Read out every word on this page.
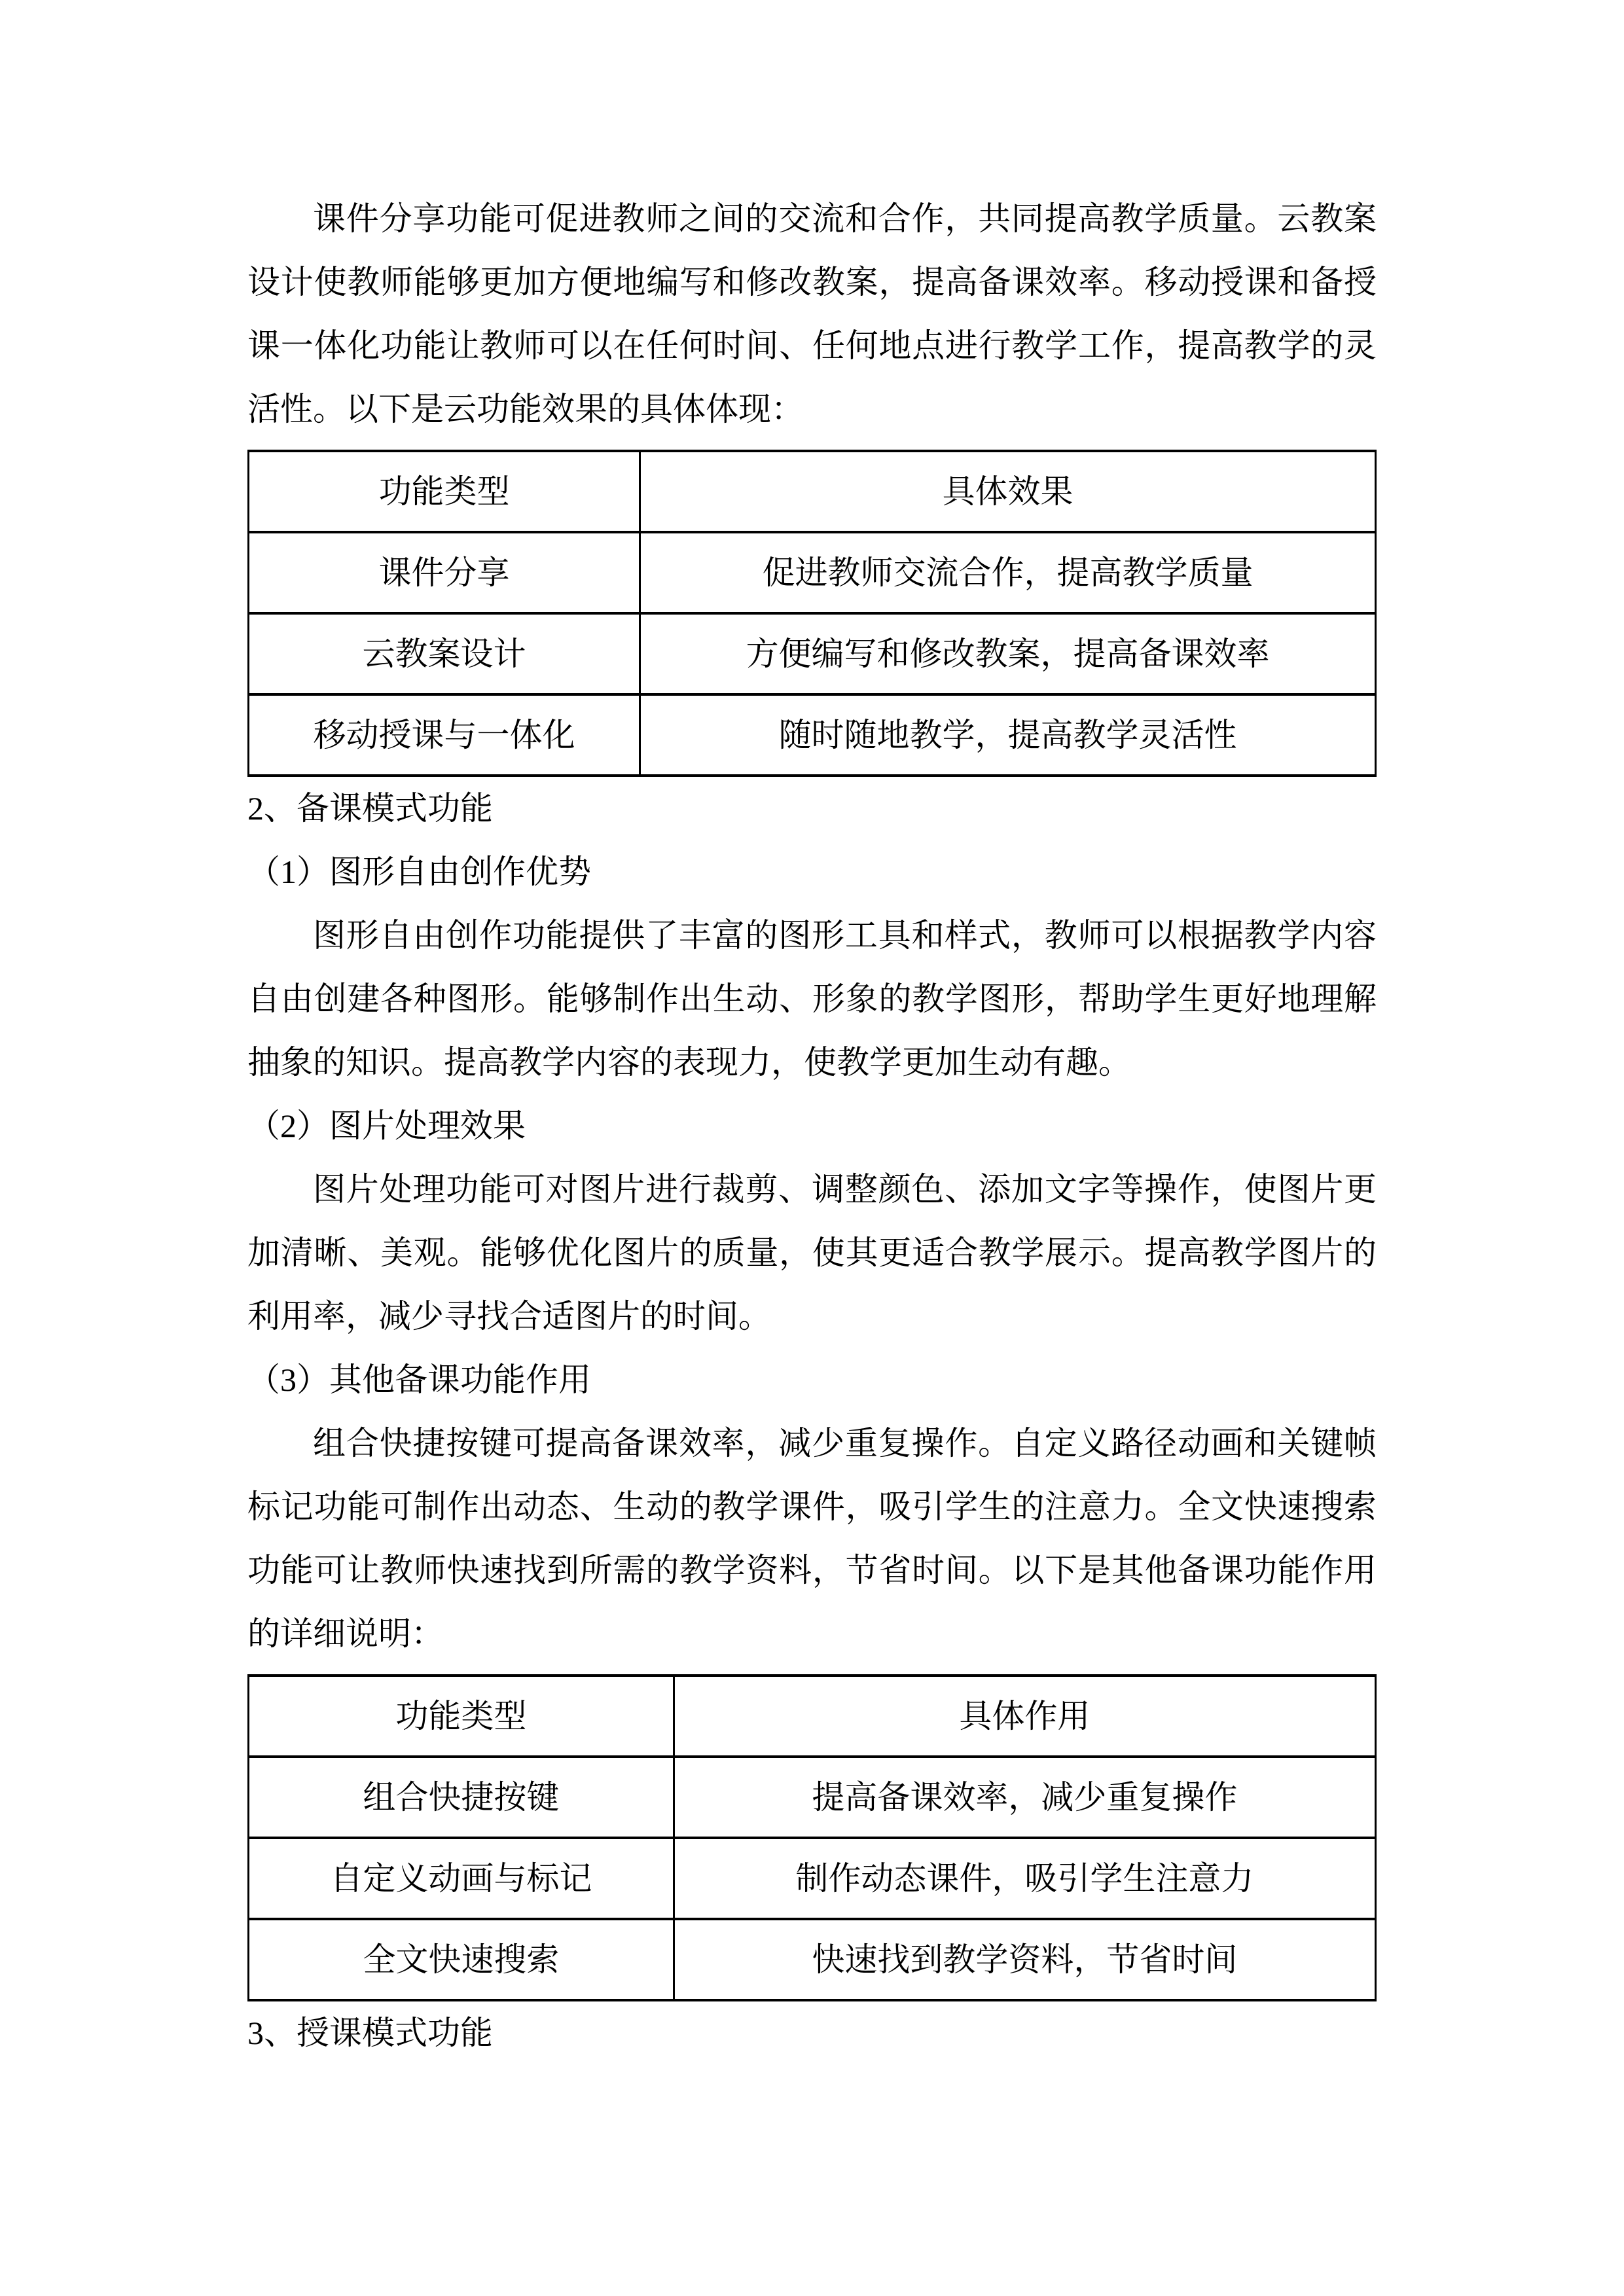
课件分享功能可促进教师之间的交流和合作，共同提高教学质量。云教案设计使教师能够更加方便地编写和修改教案，提高备课效率。移动授课和备授课一体化功能让教师可以在任何时间、任何地点进行教学工作，提高教学的灵活性。以下是云功能效果的具体体现：

功能类型	具体效果
课件分享	促进教师交流合作，提高教学质量
云教案设计	方便编写和修改教案，提高备课效率
移动授课与一体化	随时随地教学，提高教学灵活性

2、备课模式功能

（1）图形自由创作优势

图形自由创作功能提供了丰富的图形工具和样式，教师可以根据教学内容自由创建各种图形。能够制作出生动、形象的教学图形，帮助学生更好地理解抽象的知识。提高教学内容的表现力，使教学更加生动有趣。

（2）图片处理效果

图片处理功能可对图片进行裁剪、调整颜色、添加文字等操作，使图片更加清晰、美观。能够优化图片的质量，使其更适合教学展示。提高教学图片的利用率，减少寻找合适图片的时间。

（3）其他备课功能作用

组合快捷按键可提高备课效率，减少重复操作。自定义路径动画和关键帧标记功能可制作出动态、生动的教学课件，吸引学生的注意力。全文快速搜索功能可让教师快速找到所需的教学资料，节省时间。以下是其他备课功能作用的详细说明：

功能类型	具体作用
组合快捷按键	提高备课效率，减少重复操作
自定义动画与标记	制作动态课件，吸引学生注意力
全文快速搜索	快速找到教学资料，节省时间

3、授课模式功能
